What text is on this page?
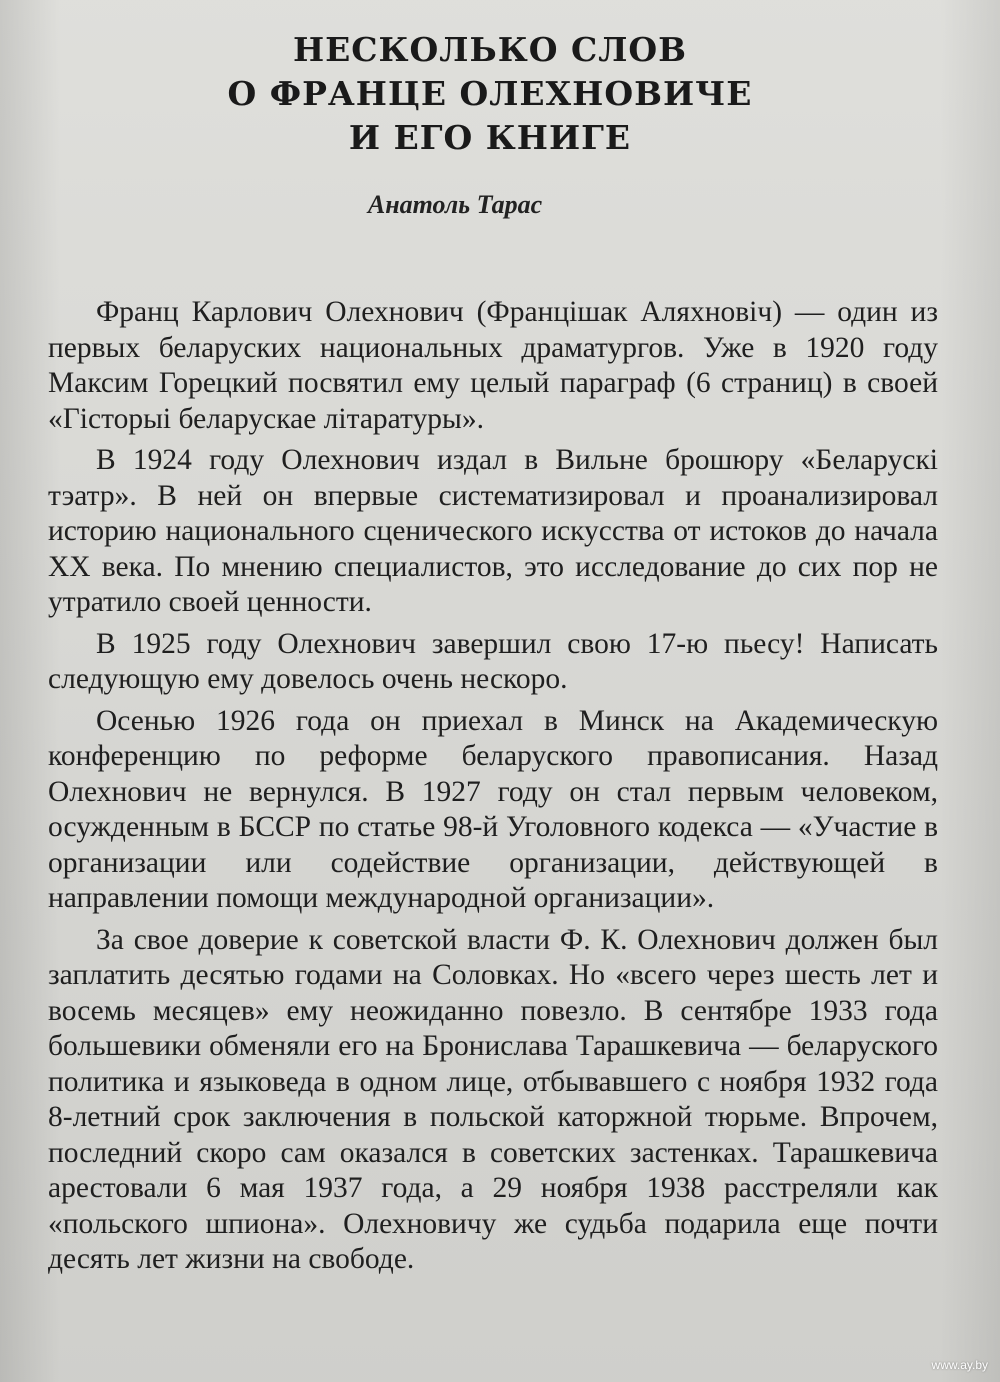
НЕСКОЛЬКО СЛОВ
О ФРАНЦЕ ОЛЕХНОВИЧЕ
И ЕГО КНИГЕ
Анатоль Тарас

Франц Карлович Олехнович (Францішак Аляхновіч) — один из первых беларуских национальных драматургов. Уже в 1920 году Максим Горецкий посвятил ему целый параграф (6 страниц) в своей «Гісторыі беларускае літаратуры».

В 1924 году Олехнович издал в Вильне брошюру «Беларускі тэатр». В ней он впервые систематизировал и проанализировал историю национального сценического искусства от истоков до начала XX века. По мнению специалистов, это исследование до сих пор не утратило своей ценности.

В 1925 году Олехнович завершил свою 17-ю пьесу! Написать следующую ему довелось очень нескоро.

Осенью 1926 года он приехал в Минск на Академическую конференцию по реформе беларуского правописания. Назад Олехнович не вернулся. В 1927 году он стал первым человеком, осужденным в БССР по статье 98-й Уголовного кодекса — «Участие в организации или содействие организации, действующей в направлении помощи международной организации».

За свое доверие к советской власти Ф. К. Олехнович должен был заплатить десятью годами на Соловках. Но «всего через шесть лет и восемь месяцев» ему неожиданно повезло. В сентябре 1933 года большевики обменяли его на Бронислава Тарашкевича — беларуского политика и языковеда в одном лице, отбывавшего с ноября 1932 года 8-летний срок заключения в польской каторжной тюрьме. Впрочем, последний скоро сам оказался в советских застенках. Тарашкевича арестовали 6 мая 1937 года, а 29 ноября 1938 расстреляли как «польского шпиона». Олехновичу же судьба подарила еще почти десять лет жизни на свободе.

www.ay.by
